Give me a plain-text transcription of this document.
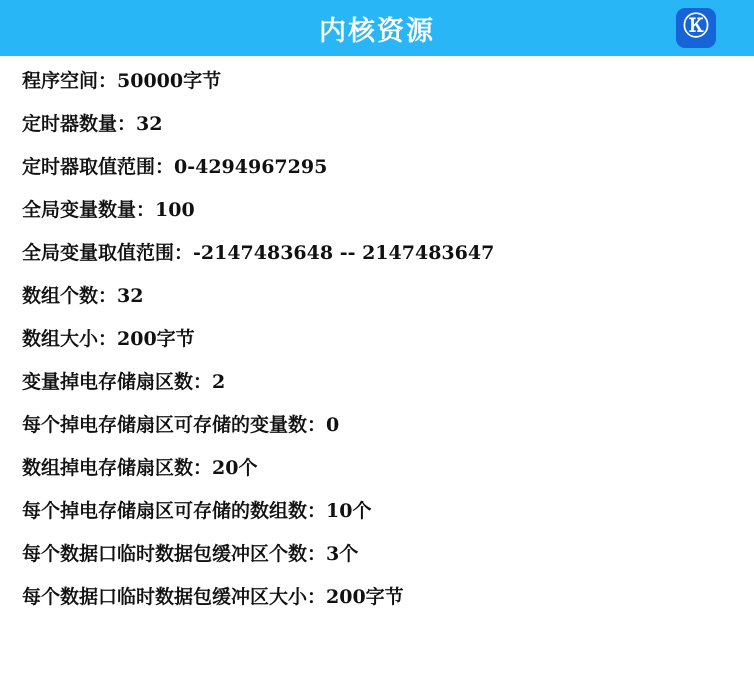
内核资源	Ⓚ
程序空间：50000字节
定时器数量：32
定时器取值范围：0-4294967295
全局变量数量：100
全局变量取值范围：-2147483648 -- 2147483647
数组个数：32
数组大小：200字节
变量掉电存储扇区数：2
每个掉电存储扇区可存储的变量数：0
数组掉电存储扇区数：20个
每个掉电存储扇区可存储的数组数：10个
每个数据口临时数据包缓冲区个数：3个
每个数据口临时数据包缓冲区大小：200字节
